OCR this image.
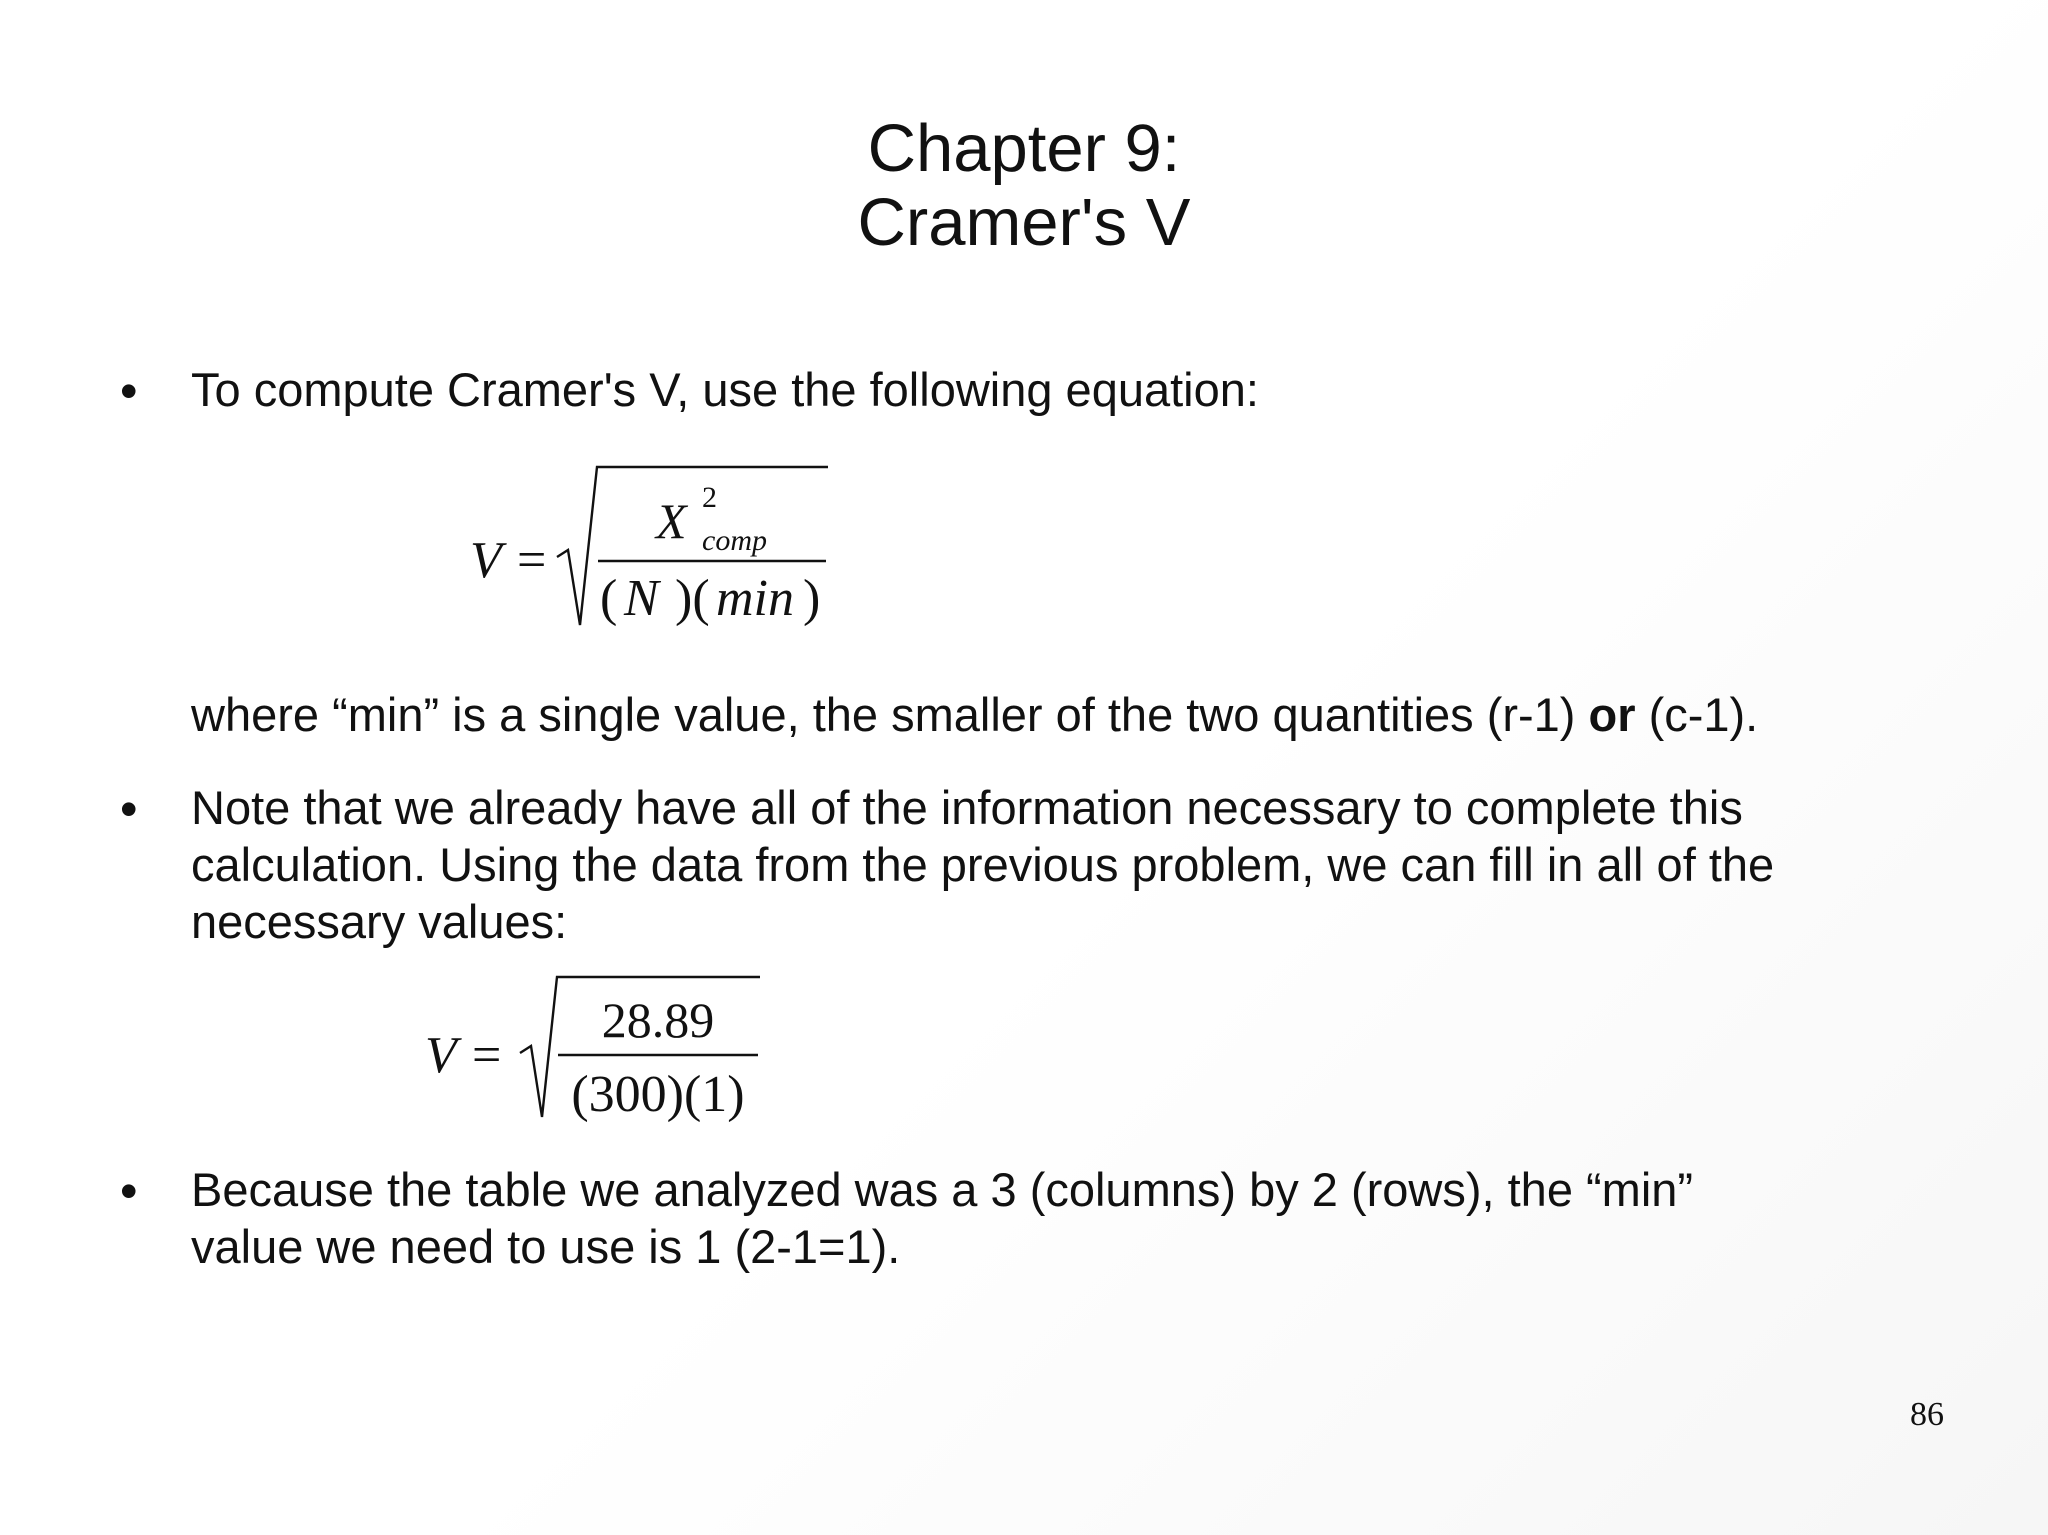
Chapter 9:
Cramer's V
• To compute Cramer's V, use the following equation:
V =
X 2
comp
( N )( min )
where “min” is a single value, the smaller of the two quantities (r-1) or (c-1).
• Note that we already have all of the information necessary to complete this
calculation. Using the data from the previous problem, we can fill in all of the
necessary values:
V =
28.89
(300)(1)
• Because the table we analyzed was a 3 (columns) by 2 (rows), the “min”
value we need to use is 1 (2-1=1).
86
